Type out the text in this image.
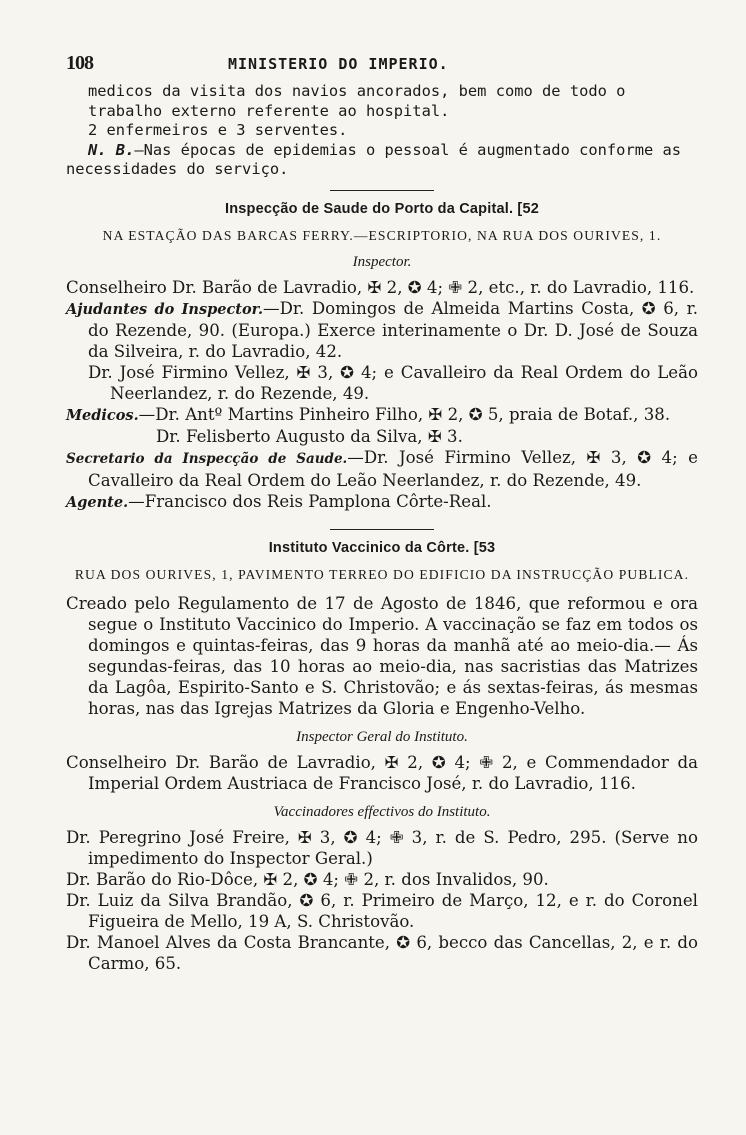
108	MINISTERIO DO IMPERIO.

medicos da visita dos navios ancorados, bem como de todo o trabalho externo referente ao hospital.

2 enfermeiros e 3 serventes.

N. B.—Nas épocas de epidemias o pessoal é augmentado conforme as necessidades do serviço.

Inspecção de Saude do Porto da Capital. [52
NA ESTAÇÃO DAS BARCAS FERRY.—ESCRIPTORIO, NA RUA DOS OURIVES, 1.
Inspector.

Conselheiro Dr. Barão de Lavradio, ✠ 2, ✪ 4; ✙ 2, etc., r. do Lavradio, 116.

Ajudantes do Inspector.—Dr. Domingos de Almeida Martins Costa, ✪ 6, r. do Rezende, 90. (Europa.) Exerce interinamente o Dr. D. José de Souza da Silveira, r. do Lavradio, 42.

Dr. José Firmino Vellez, ✠ 3, ✪ 4; e Cavalleiro da Real Ordem do Leão Neerlandez, r. do Rezende, 49.

Medicos.—Dr. Antº Martins Pinheiro Filho, ✠ 2, ✪ 5, praia de Botaf., 38.

Dr. Felisberto Augusto da Silva, ✠ 3.

Secretario da Inspecção de Saude.—Dr. José Firmino Vellez, ✠ 3, ✪ 4; e Cavalleiro da Real Ordem do Leão Neerlandez, r. do Rezende, 49.

Agente.—Francisco dos Reis Pamplona Côrte-Real.

Instituto Vaccinico da Côrte. [53
RUA DOS OURIVES, 1, PAVIMENTO TERREO DO EDIFICIO DA INSTRUCÇÃO PUBLICA.

Creado pelo Regulamento de 17 de Agosto de 1846, que reformou e ora segue o Instituto Vaccinico do Imperio. A vaccinação se faz em todos os domingos e quintas-feiras, das 9 horas da manhã até ao meio-dia.— Ás segundas-feiras, das 10 horas ao meio-dia, nas sacristias das Matrizes da Lagôa, Espirito-Santo e S. Christovão; e ás sextas-feiras, ás mesmas horas, nas das Igrejas Matrizes da Gloria e Engenho-Velho.

Inspector Geral do Instituto.

Conselheiro Dr. Barão de Lavradio, ✠ 2, ✪ 4; ✙ 2, e Commendador da Imperial Ordem Austriaca de Francisco José, r. do Lavradio, 116.

Vaccinadores effectivos do Instituto.

Dr. Peregrino José Freire, ✠ 3, ✪ 4; ✙ 3, r. de S. Pedro, 295. (Serve no impedimento do Inspector Geral.)

Dr. Barão do Rio-Dôce, ✠ 2, ✪ 4; ✙ 2, r. dos Invalidos, 90.

Dr. Luiz da Silva Brandão, ✪ 6, r. Primeiro de Março, 12, e r. do Coronel Figueira de Mello, 19 A, S. Christovão.

Dr. Manoel Alves da Costa Brancante, ✪ 6, becco das Cancellas, 2, e r. do Carmo, 65.
